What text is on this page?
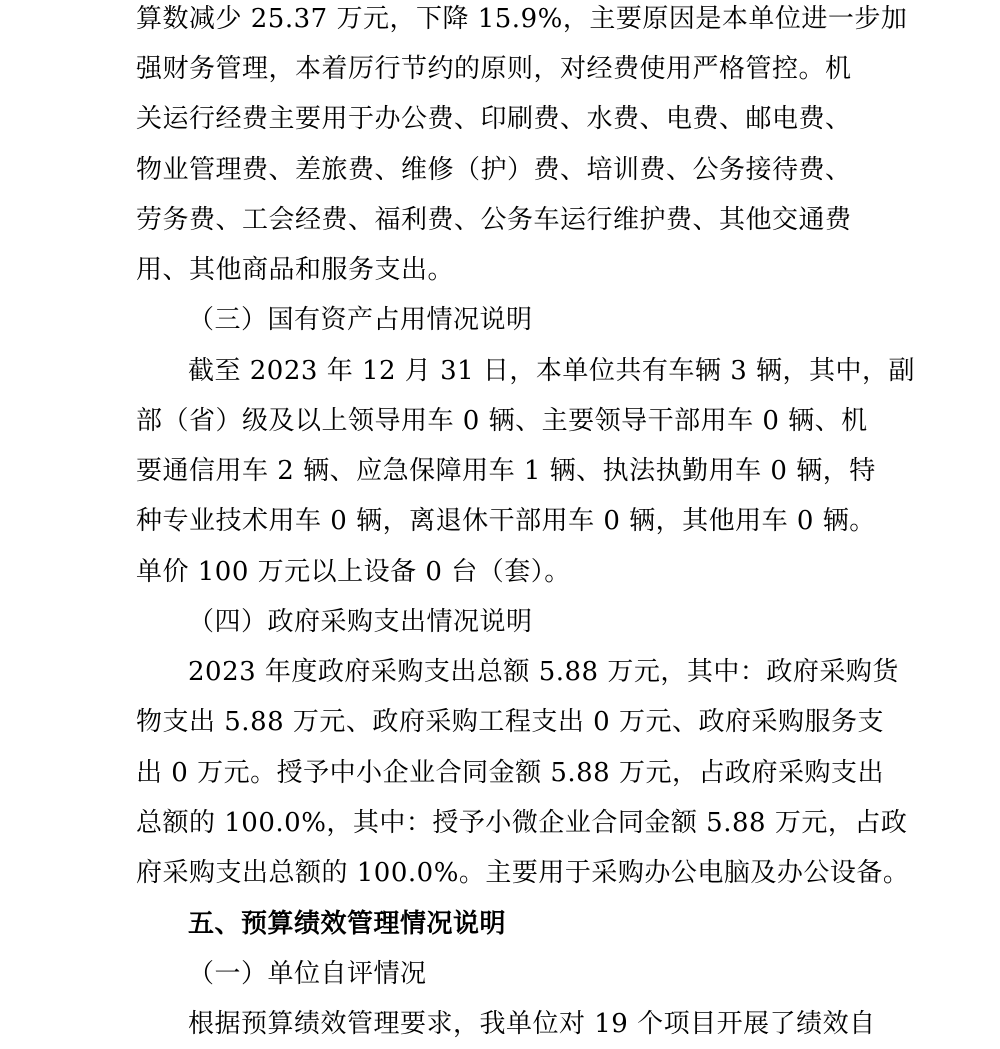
算数减少 25.37 万元，下降 15.9%，主要原因是本单位进一步加
强财务管理，本着厉行节约的原则，对经费使用严格管控。机
关运行经费主要用于办公费、印刷费、水费、电费、邮电费、
物业管理费、差旅费、维修（护）费、培训费、公务接待费、
劳务费、工会经费、福利费、公务车运行维护费、其他交通费
用、其他商品和服务支出。
（三）国有资产占用情况说明
截至 2023 年 12 月 31 日，本单位共有车辆 3 辆，其中，副
部（省）级及以上领导用车 0 辆、主要领导干部用车 0 辆、机
要通信用车 2 辆、应急保障用车 1 辆、执法执勤用车 0 辆，特
种专业技术用车 0 辆，离退休干部用车 0 辆，其他用车 0 辆。
单价 100 万元以上设备 0 台（套）。
（四）政府采购支出情况说明
2023 年度政府采购支出总额 5.88 万元，其中：政府采购货
物支出 5.88 万元、政府采购工程支出 0 万元、政府采购服务支
出 0 万元。授予中小企业合同金额 5.88 万元，占政府采购支出
总额的 100.0%，其中：授予小微企业合同金额 5.88 万元，占政
府采购支出总额的 100.0%。主要用于采购办公电脑及办公设备。
五、预算绩效管理情况说明
（一）单位自评情况
根据预算绩效管理要求，我单位对 19 个项目开展了绩效自
